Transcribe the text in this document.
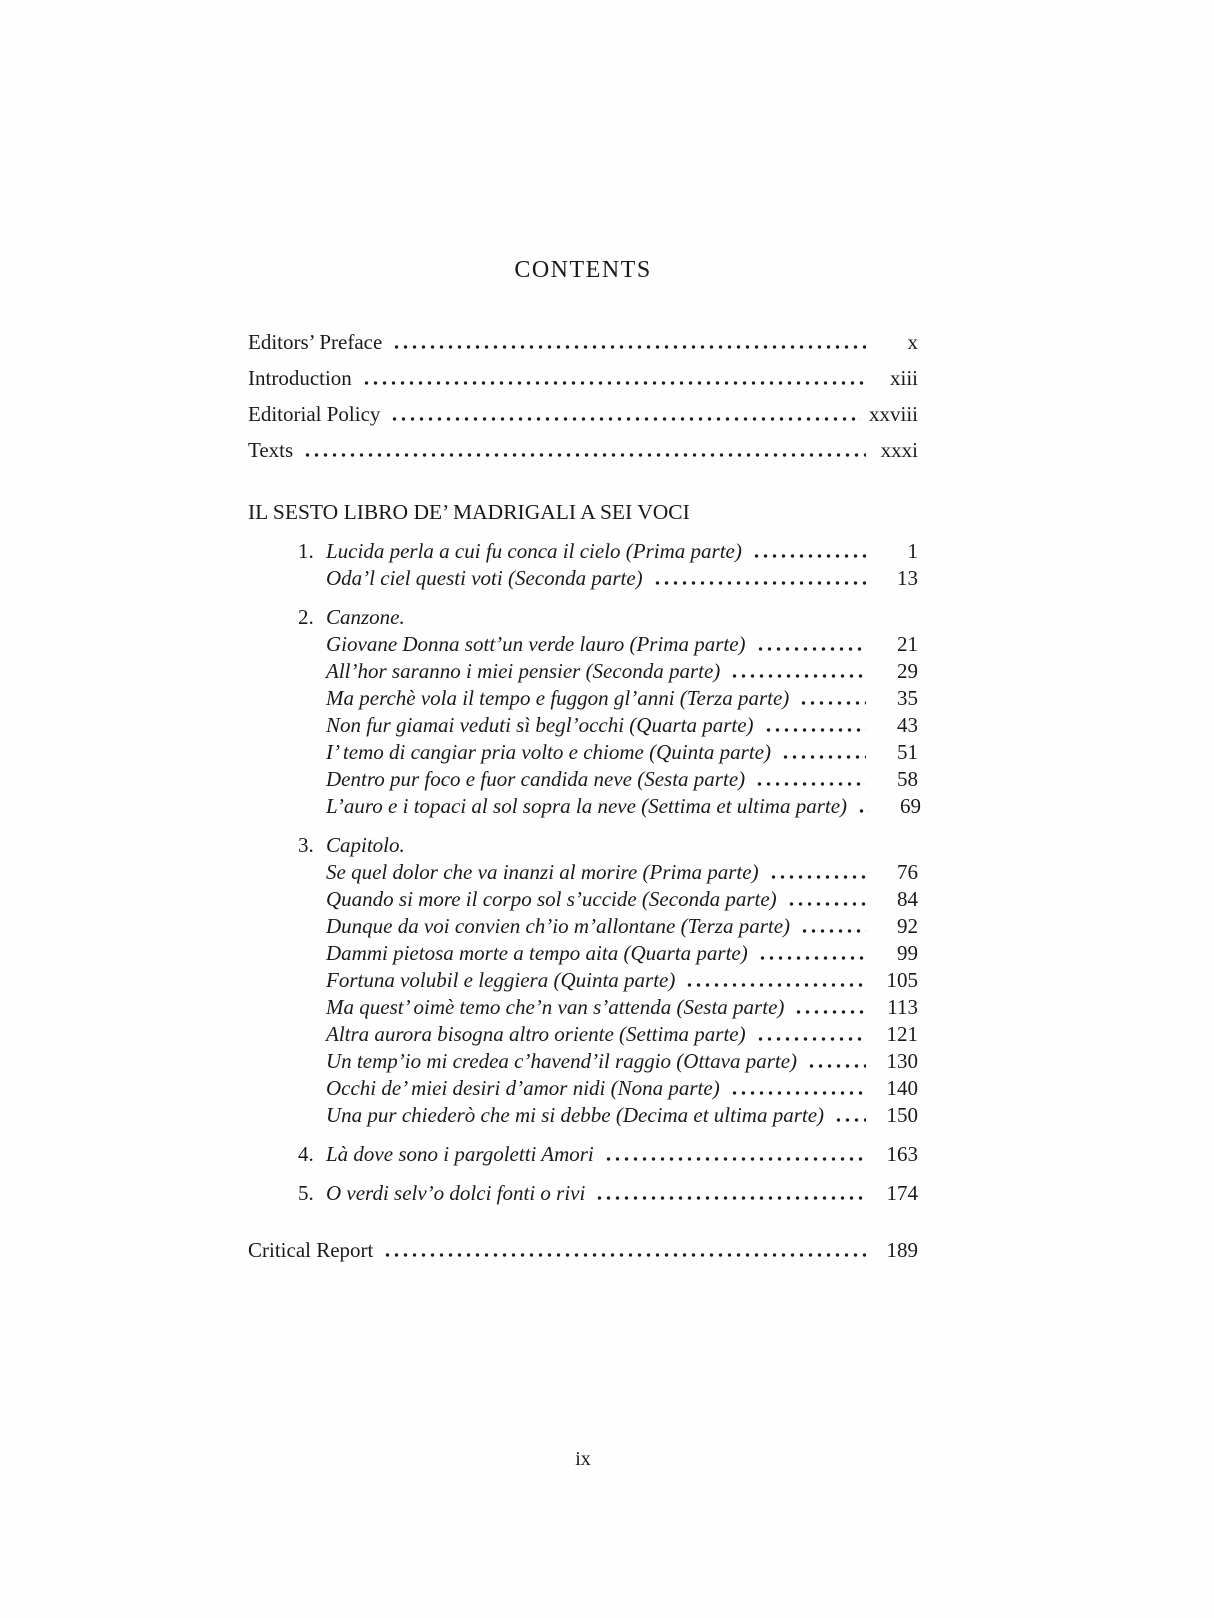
CONTENTS
Editors’ Preface	x
Introduction	xiii
Editorial Policy	xxviii
Texts	xxxi
IL SESTO LIBRO DE’ MADRIGALI A SEI VOCI
1. Lucida perla a cui fu conca il cielo (Prima parte)	1
Oda’l ciel questi voti (Seconda parte)	13
2. Canzone.
Giovane Donna sott’un verde lauro (Prima parte)	21
All’hor saranno i miei pensier (Seconda parte)	29
Ma perchè vola il tempo e fuggon gl’anni (Terza parte)	35
Non fur giamai veduti sì begl’occhi (Quarta parte)	43
I’ temo di cangiar pria volto e chiome (Quinta parte)	51
Dentro pur foco e fuor candida neve (Sesta parte)	58
L’auro e i topaci al sol sopra la neve (Settima et ultima parte)	69
3. Capitolo.
Se quel dolor che va inanzi al morire (Prima parte)	76
Quando si more il corpo sol s’uccide (Seconda parte)	84
Dunque da voi convien ch’io m’allontane (Terza parte)	92
Dammi pietosa morte a tempo aita (Quarta parte)	99
Fortuna volubil e leggiera (Quinta parte)	105
Ma quest’ oimè temo che’n van s’attenda (Sesta parte)	113
Altra aurora bisogna altro oriente (Settima parte)	121
Un temp’io mi credea c’havend’il raggio (Ottava parte)	130
Occhi de’ miei desiri d’amor nidi (Nona parte)	140
Una pur chiederò che mi si debbe (Decima et ultima parte)	150
4. Là dove sono i pargoletti Amori	163
5. O verdi selv’o dolci fonti o rivi	174
Critical Report	189
ix
